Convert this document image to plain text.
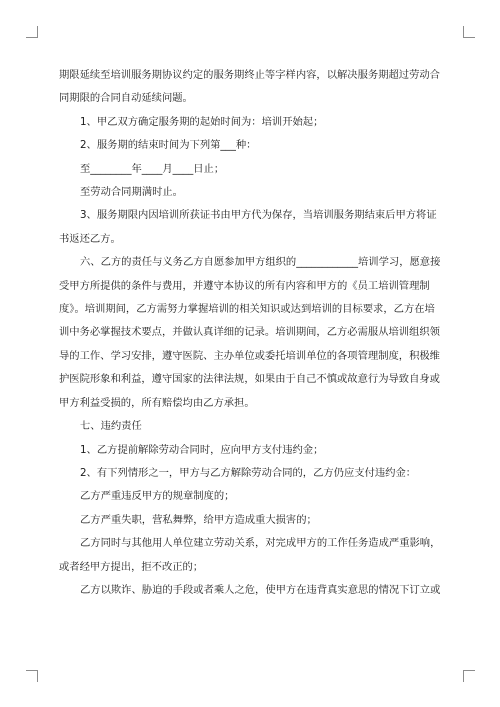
期限延续至培训服务期协议约定的服务期终止等字样内容，以解决服务期超过劳动合

同期限的合同自动延续问题。

1、甲乙双方确定服务期的起始时间为：培训开始起；

2、服务期的结束时间为下列第___种：

至________年____月____日止；

至劳动合同期满时止。

3、服务期限内因培训所获证书由甲方代为保存，当培训服务期结束后甲方将证

书返还乙方。

六、乙方的责任与义务乙方自愿参加甲方组织的____________培训学习，愿意接

受甲方所提供的条件与费用，并遵守本协议的所有内容和甲方的《员工培训管理制

度》。培训期间，乙方需努力掌握培训的相关知识或达到培训的目标要求，乙方在培

训中务必掌握技术要点，并做认真详细的记录。培训期间，乙方必需服从培训组织领

导的工作、学习安排，遵守医院、主办单位或委托培训单位的各项管理制度，积极维

护医院形象和利益，遵守国家的法律法规，如果由于自己不慎或故意行为导致自身或

甲方利益受损的，所有赔偿均由乙方承担。

七、违约责任

1、乙方提前解除劳动合同时，应向甲方支付违约金；

2、有下列情形之一，甲方与乙方解除劳动合同的，乙方仍应支付违约金：

乙方严重违反甲方的规章制度的；

乙方严重失职，营私舞弊，给甲方造成重大损害的；

乙方同时与其他用人单位建立劳动关系，对完成甲方的工作任务造成严重影响，

或者经甲方提出，拒不改正的；

乙方以欺诈、胁迫的手段或者乘人之危，使甲方在违背真实意思的情况下订立或
